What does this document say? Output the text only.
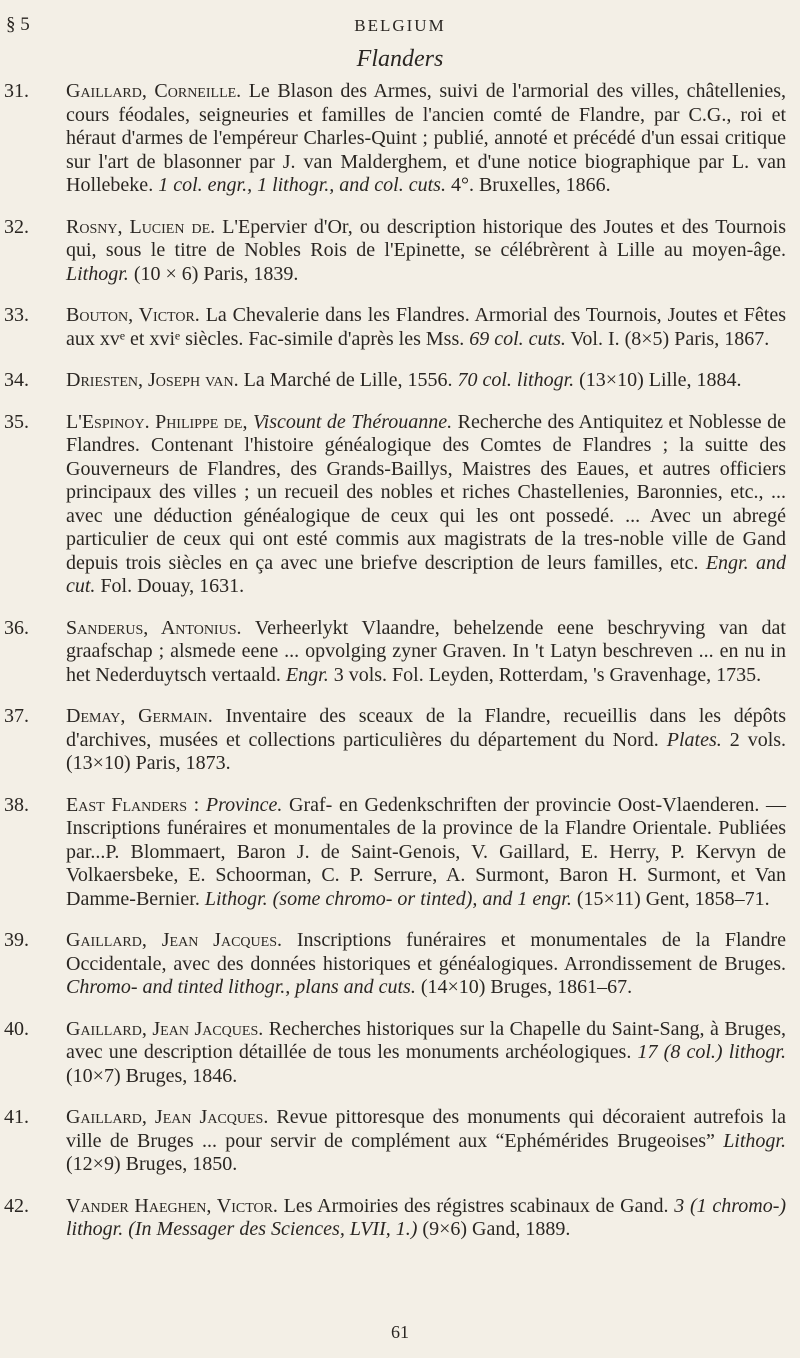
§ 5	BELGIUM
Flanders
31. Gaillard, Corneille. Le Blason des Armes, suivi de l'armorial des villes, châtellenies, cours féodales, seigneuries et familles de l'ancien comté de Flandre, par C.G., roi et héraut d'armes de l'empéreur Charles-Quint ; publié, annoté et précédé d'un essai critique sur l'art de blasonner par J. van Malderghem, et d'une notice biographique par L. van Hollebeke. 1 col. engr., 1 lithogr., and col. cuts. 4°. Bruxelles, 1866.
32. Rosny, Lucien de. L'Epervier d'Or, ou description historique des Joutes et des Tournois qui, sous le titre de Nobles Rois de l'Epinette, se célébrèrent à Lille au moyen-âge. Lithogr. (10 × 6) Paris, 1839.
33. Bouton, Victor. La Chevalerie dans les Flandres. Armorial des Tournois, Joutes et Fêtes aux xvᵉ et xviᵉ siècles. Fac-simile d'après les Mss. 69 col. cuts. Vol. I. (8×5) Paris, 1867.
34. Driesten, Joseph van. La Marché de Lille, 1556. 70 col. lithogr. (13×10) Lille, 1884.
35. L'Espinoy. Philippe de, Viscount de Thérouanne. Recherche des Antiquitez et Noblesse de Flandres. Contenant l'histoire généalogique des Comtes de Flandres ; la suitte des Gouverneurs de Flandres, des Grands-Baillys, Maistres des Eaues, et autres officiers principaux des villes ; un recueil des nobles et riches Chastellenies, Baronnies, etc., ... avec une déduction généalogique de ceux qui les ont possedé. ... Avec un abregé particulier de ceux qui ont esté commis aux magistrats de la tres-noble ville de Gand depuis trois siècles en ça avec une briefve description de leurs familles, etc. Engr. and cut. Fol. Douay, 1631.
36. Sanderus, Antonius. Verheerlykt Vlaandre, behelzende eene beschryving van dat graafschap ; alsmede eene ... opvolging zyner Graven. In 't Latyn beschreven ... en nu in het Nederduytsch vertaald. Engr. 3 vols. Fol. Leyden, Rotterdam, 's Gravenhage, 1735.
37. Demay, Germain. Inventaire des sceaux de la Flandre, recueillis dans les dépôts d'archives, musées et collections particulières du département du Nord. Plates. 2 vols. (13×10) Paris, 1873.
38. East Flanders : Province. Graf- en Gedenkschriften der provincie Oost-Vlaenderen. — Inscriptions funéraires et monumentales de la province de la Flandre Orientale. Publiées par...P. Blommaert, Baron J. de Saint-Genois, V. Gaillard, E. Herry, P. Kervyn de Volkaersbeke, E. Schoorman, C. P. Serrure, A. Surmont, Baron H. Surmont, et Van Damme-Bernier. Lithogr. (some chromo- or tinted), and 1 engr. (15×11) Gent, 1858–71.
39. Gaillard, Jean Jacques. Inscriptions funéraires et monumentales de la Flandre Occidentale, avec des données historiques et généalogiques. Arrondissement de Bruges. Chromo- and tinted lithogr., plans and cuts. (14×10) Bruges, 1861–67.
40. Gaillard, Jean Jacques. Recherches historiques sur la Chapelle du Saint-Sang, à Bruges, avec une description détaillée de tous les monuments archéologiques. 17 (8 col.) lithogr. (10×7) Bruges, 1846.
41. Gaillard, Jean Jacques. Revue pittoresque des monuments qui décoraient autrefois la ville de Bruges ... pour servir de complément aux “Ephémérides Brugeoises” Lithogr. (12×9) Bruges, 1850.
42. Vander Haeghen, Victor. Les Armoiries des régistres scabinaux de Gand. 3 (1 chromo-) lithogr. (In Messager des Sciences, LVII, 1.) (9×6) Gand, 1889.
61
